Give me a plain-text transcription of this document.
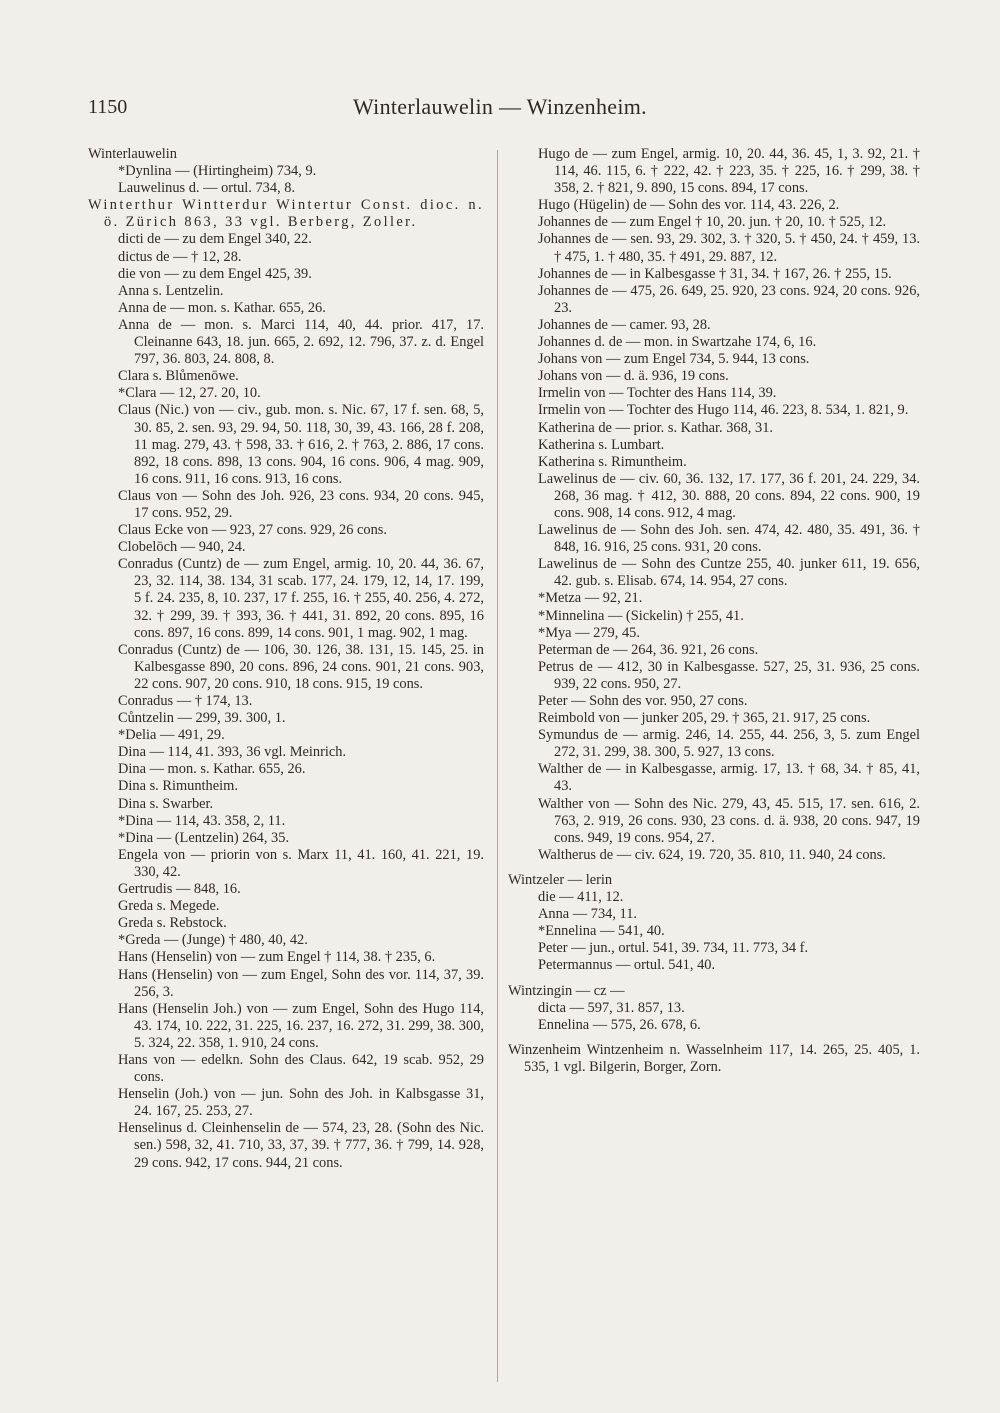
1150	Winterlauwelin — Winzenheim.

Winterlauwelin

*Dynlina — (Hirtingheim) 734, 9.

Lauwelinus d. — ortul. 734, 8.

Winterthur Wintterdur Wintertur Const. dioc. n. ö. Zürich 863, 33 vgl. Berberg, Zoller.

dicti de — zu dem Engel 340, 22.

dictus de — † 12, 28.

die von — zu dem Engel 425, 39.

Anna s. Lentzelin.

Anna de — mon. s. Kathar. 655, 26.

Anna de — mon. s. Marci 114, 40, 44. prior. 417, 17. Cleinanne 643, 18. jun. 665, 2. 692, 12. 796, 37. z. d. Engel 797, 36. 803, 24. 808, 8.

Clara s. Blůmenōwe.

*Clara — 12, 27. 20, 10.

Claus (Nic.) von — civ., gub. mon. s. Nic. 67, 17 f. sen. 68, 5, 30. 85, 2. sen. 93, 29. 94, 50. 118, 30, 39, 43. 166, 28 f. 208, 11 mag. 279, 43. † 598, 33. † 616, 2. † 763, 2. 886, 17 cons. 892, 18 cons. 898, 13 cons. 904, 16 cons. 906, 4 mag. 909, 16 cons. 911, 16 cons. 913, 16 cons.

Claus von — Sohn des Joh. 926, 23 cons. 934, 20 cons. 945, 17 cons. 952, 29.

Claus Ecke von — 923, 27 cons. 929, 26 cons.

Clobelōch — 940, 24.

Conradus (Cuntz) de — zum Engel, armig. 10, 20. 44, 36. 67, 23, 32. 114, 38. 134, 31 scab. 177, 24. 179, 12, 14, 17. 199, 5 f. 24. 235, 8, 10. 237, 17 f. 255, 16. † 255, 40. 256, 4. 272, 32. † 299, 39. † 393, 36. † 441, 31. 892, 20 cons. 895, 16 cons. 897, 16 cons. 899, 14 cons. 901, 1 mag. 902, 1 mag.

Conradus (Cuntz) de — 106, 30. 126, 38. 131, 15. 145, 25. in Kalbesgasse 890, 20 cons. 896, 24 cons. 901, 21 cons. 903, 22 cons. 907, 20 cons. 910, 18 cons. 915, 19 cons.

Conradus — † 174, 13.

Cůntzelin — 299, 39. 300, 1.

*Delia — 491, 29.

Dina — 114, 41. 393, 36 vgl. Meinrich.

Dina — mon. s. Kathar. 655, 26.

Dina s. Rimuntheim.

Dina s. Swarber.

*Dina — 114, 43. 358, 2, 11.

*Dina — (Lentzelin) 264, 35.

Engela von — priorin von s. Marx 11, 41. 160, 41. 221, 19. 330, 42.

Gertrudis — 848, 16.

Greda s. Megede.

Greda s. Rebstock.

*Greda — (Junge) † 480, 40, 42.

Hans (Henselin) von — zum Engel † 114, 38. † 235, 6.

Hans (Henselin) von — zum Engel, Sohn des vor. 114, 37, 39. 256, 3.

Hans (Henselin Joh.) von — zum Engel, Sohn des Hugo 114, 43. 174, 10. 222, 31. 225, 16. 237, 16. 272, 31. 299, 38. 300, 5. 324, 22. 358, 1. 910, 24 cons.

Hans von — edelkn. Sohn des Claus. 642, 19 scab. 952, 29 cons.

Henselin (Joh.) von — jun. Sohn des Joh. in Kalbsgasse 31, 24. 167, 25. 253, 27.

Henselinus d. Cleinhenselin de — 574, 23, 28. (Sohn des Nic. sen.) 598, 32, 41. 710, 33, 37, 39. † 777, 36. † 799, 14. 928, 29 cons. 942, 17 cons. 944, 21 cons.

Hugo de — zum Engel, armig. 10, 20. 44, 36. 45, 1, 3. 92, 21. † 114, 46. 115, 6. † 222, 42. † 223, 35. † 225, 16. † 299, 38. † 358, 2. † 821, 9. 890, 15 cons. 894, 17 cons.

Hugo (Hügelin) de — Sohn des vor. 114, 43. 226, 2.

Johannes de — zum Engel † 10, 20. jun. † 20, 10. † 525, 12.

Johannes de — sen. 93, 29. 302, 3. † 320, 5. † 450, 24. † 459, 13. † 475, 1. † 480, 35. † 491, 29. 887, 12.

Johannes de — in Kalbesgasse † 31, 34. † 167, 26. † 255, 15.

Johannes de — 475, 26. 649, 25. 920, 23 cons. 924, 20 cons. 926, 23.

Johannes de — camer. 93, 28.

Johannes d. de — mon. in Swartzahe 174, 6, 16.

Johans von — zum Engel 734, 5. 944, 13 cons.

Johans von — d. ä. 936, 19 cons.

Irmelin von — Tochter des Hans 114, 39.

Irmelin von — Tochter des Hugo 114, 46. 223, 8. 534, 1. 821, 9.

Katherina de — prior. s. Kathar. 368, 31.

Katherina s. Lumbart.

Katherina s. Rimuntheim.

Lawelinus de — civ. 60, 36. 132, 17. 177, 36 f. 201, 24. 229, 34. 268, 36 mag. † 412, 30. 888, 20 cons. 894, 22 cons. 900, 19 cons. 908, 14 cons. 912, 4 mag.

Lawelinus de — Sohn des Joh. sen. 474, 42. 480, 35. 491, 36. † 848, 16. 916, 25 cons. 931, 20 cons.

Lawelinus de — Sohn des Cuntze 255, 40. junker 611, 19. 656, 42. gub. s. Elisab. 674, 14. 954, 27 cons.

*Metza — 92, 21.

*Minnelina — (Sickelin) † 255, 41.

*Mya — 279, 45.

Peterman de — 264, 36. 921, 26 cons.

Petrus de — 412, 30 in Kalbesgasse. 527, 25, 31. 936, 25 cons. 939, 22 cons. 950, 27.

Peter — Sohn des vor. 950, 27 cons.

Reimbold von — junker 205, 29. † 365, 21. 917, 25 cons.

Symundus de — armig. 246, 14. 255, 44. 256, 3, 5. zum Engel 272, 31. 299, 38. 300, 5. 927, 13 cons.

Walther de — in Kalbesgasse, armig. 17, 13. † 68, 34. † 85, 41, 43.

Walther von — Sohn des Nic. 279, 43, 45. 515, 17. sen. 616, 2. 763, 2. 919, 26 cons. 930, 23 cons. d. ä. 938, 20 cons. 947, 19 cons. 949, 19 cons. 954, 27.

Waltherus de — civ. 624, 19. 720, 35. 810, 11. 940, 24 cons.

Wintzeler — lerin

die — 411, 12.

Anna — 734, 11.

*Ennelina — 541, 40.

Peter — jun., ortul. 541, 39. 734, 11. 773, 34 f.

Petermannus — ortul. 541, 40.

Wintzingin — cz —

dicta — 597, 31. 857, 13.

Ennelina — 575, 26. 678, 6.

Winzenheim Wintzenheim n. Wasselnheim 117, 14. 265, 25. 405, 1. 535, 1 vgl. Bilgerin, Borger, Zorn.
